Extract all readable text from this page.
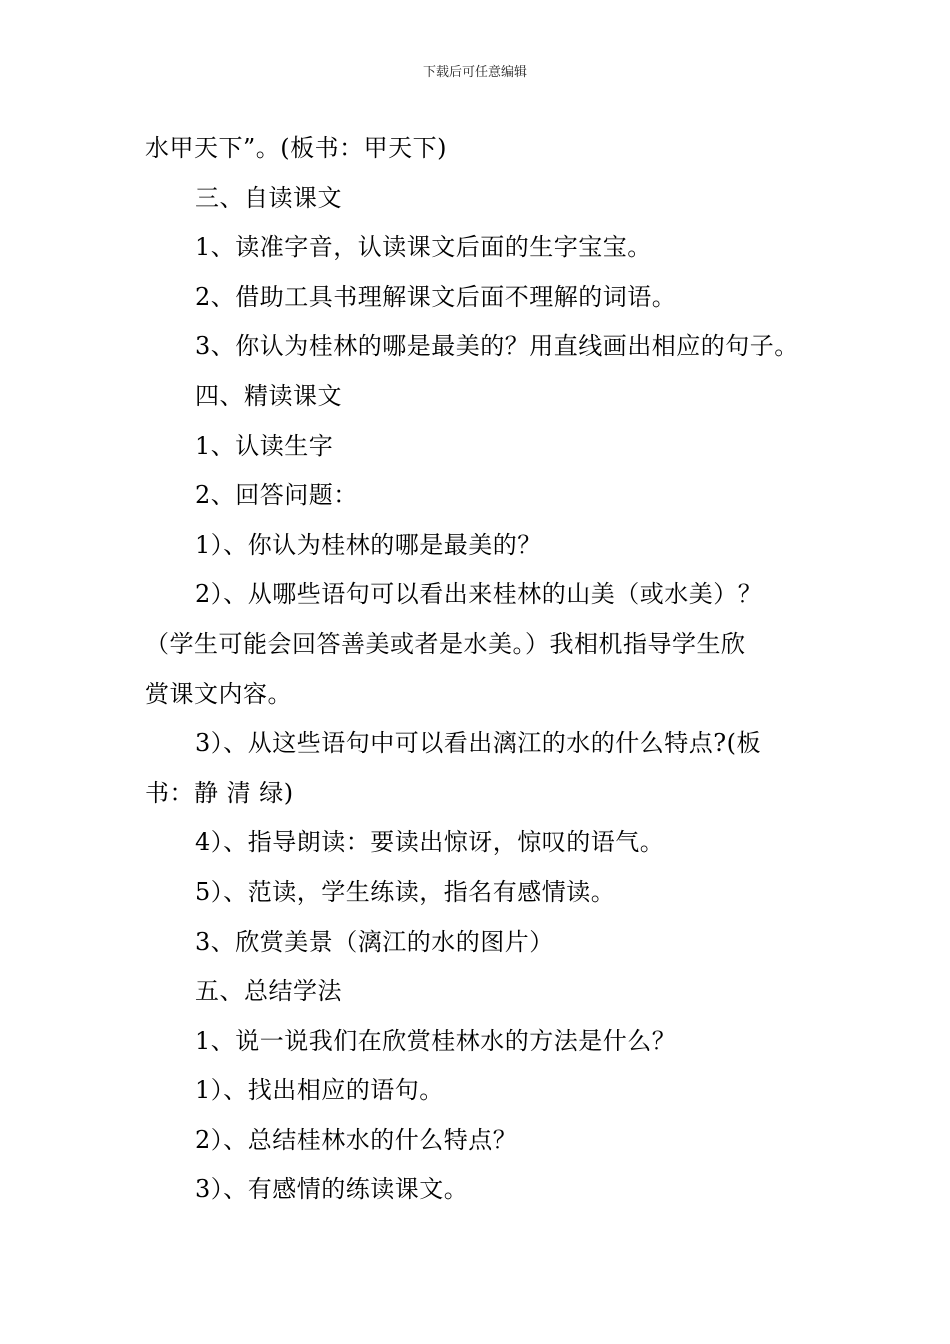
下载后可任意编辑

水甲天下”。(板书：甲天下)

三、自读课文

1、读准字音，认读课文后面的生字宝宝。

2、借助工具书理解课文后面不理解的词语。

3、你认为桂林的哪是最美的？用直线画出相应的句子。

四、精读课文

1、认读生字

2、回答问题：

1）、你认为桂林的哪是最美的？

2）、从哪些语句可以看出来桂林的山美（或水美）？

（学生可能会回答善美或者是水美。）我相机指导学生欣

赏课文内容。

3）、从这些语句中可以看出漓江的水的什么特点?(板

书：静 清 绿)

4）、指导朗读：要读出惊讶，惊叹的语气。

5）、范读，学生练读，指名有感情读。

3、欣赏美景（漓江的水的图片）

五、总结学法

1、说一说我们在欣赏桂林水的方法是什么？

1）、找出相应的语句。

2）、总结桂林水的什么特点？

3）、有感情的练读课文。
